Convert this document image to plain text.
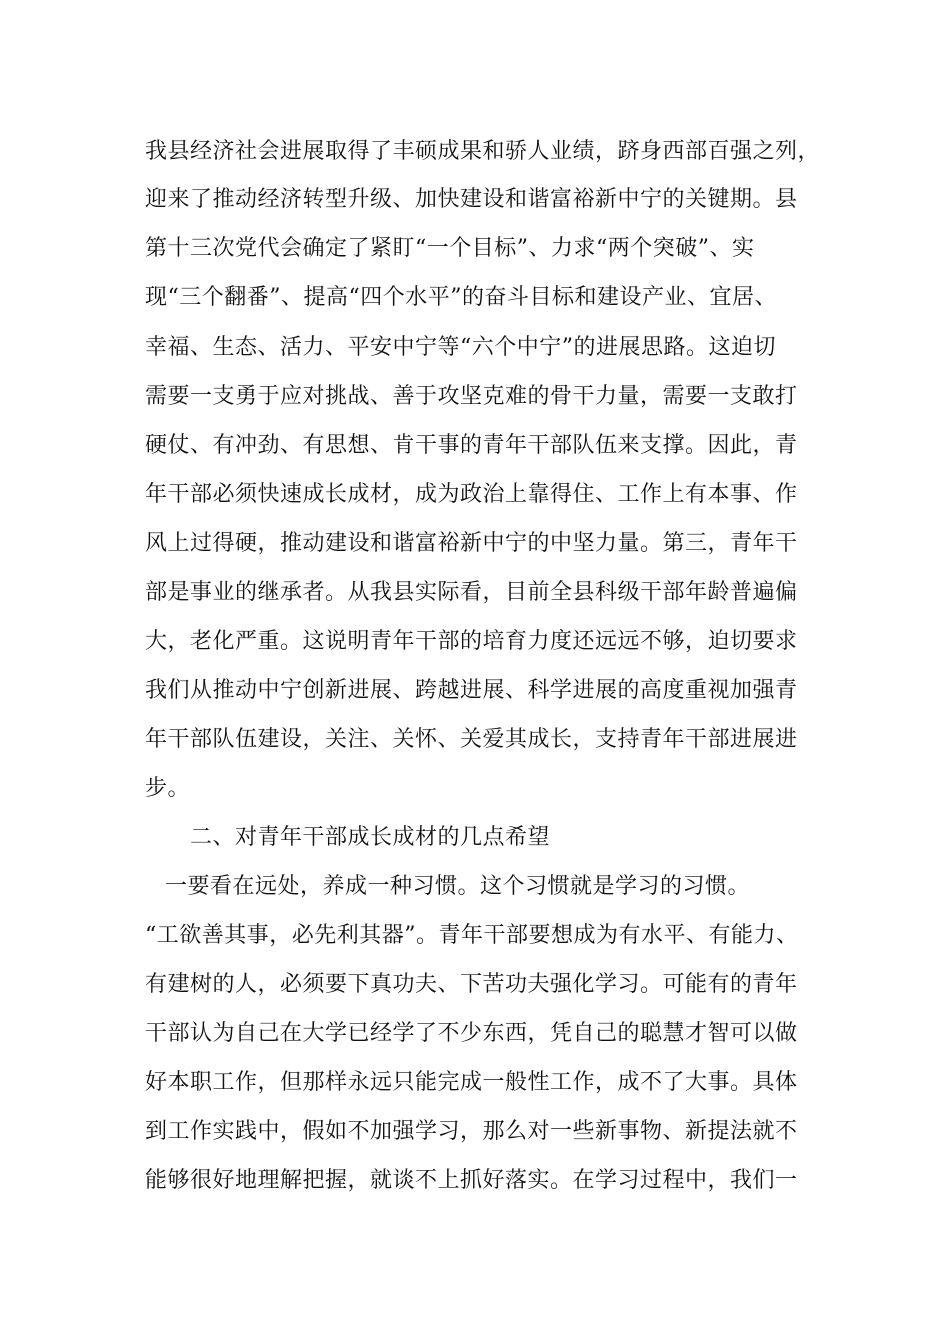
我县经济社会进展取得了丰硕成果和骄人业绩，跻身西部百强之列，
迎来了推动经济转型升级、加快建设和谐富裕新中宁的关键期。县
第十三次党代会确定了紧盯“一个目标”、力求“两个突破”、实
现“三个翻番”、提高“四个水平”的奋斗目标和建设产业、宜居、
幸福、生态、活力、平安中宁等“六个中宁”的进展思路。这迫切
需要一支勇于应对挑战、善于攻坚克难的骨干力量，需要一支敢打
硬仗、有冲劲、有思想、肯干事的青年干部队伍来支撑。因此，青
年干部必须快速成长成材，成为政治上靠得住、工作上有本事、作
风上过得硬，推动建设和谐富裕新中宁的中坚力量。第三，青年干
部是事业的继承者。从我县实际看，目前全县科级干部年龄普遍偏
大，老化严重。这说明青年干部的培育力度还远远不够，迫切要求
我们从推动中宁创新进展、跨越进展、科学进展的高度重视加强青
年干部队伍建设，关注、关怀、关爱其成长，支持青年干部进展进
步。
二、对青年干部成长成材的几点希望
一要看在远处，养成一种习惯。这个习惯就是学习的习惯。
“工欲善其事，必先利其器”。青年干部要想成为有水平、有能力、
有建树的人，必须要下真功夫、下苦功夫强化学习。可能有的青年
干部认为自己在大学已经学了不少东西，凭自己的聪慧才智可以做
好本职工作，但那样永远只能完成一般性工作，成不了大事。具体
到工作实践中，假如不加强学习，那么对一些新事物、新提法就不
能够很好地理解把握，就谈不上抓好落实。在学习过程中，我们一
